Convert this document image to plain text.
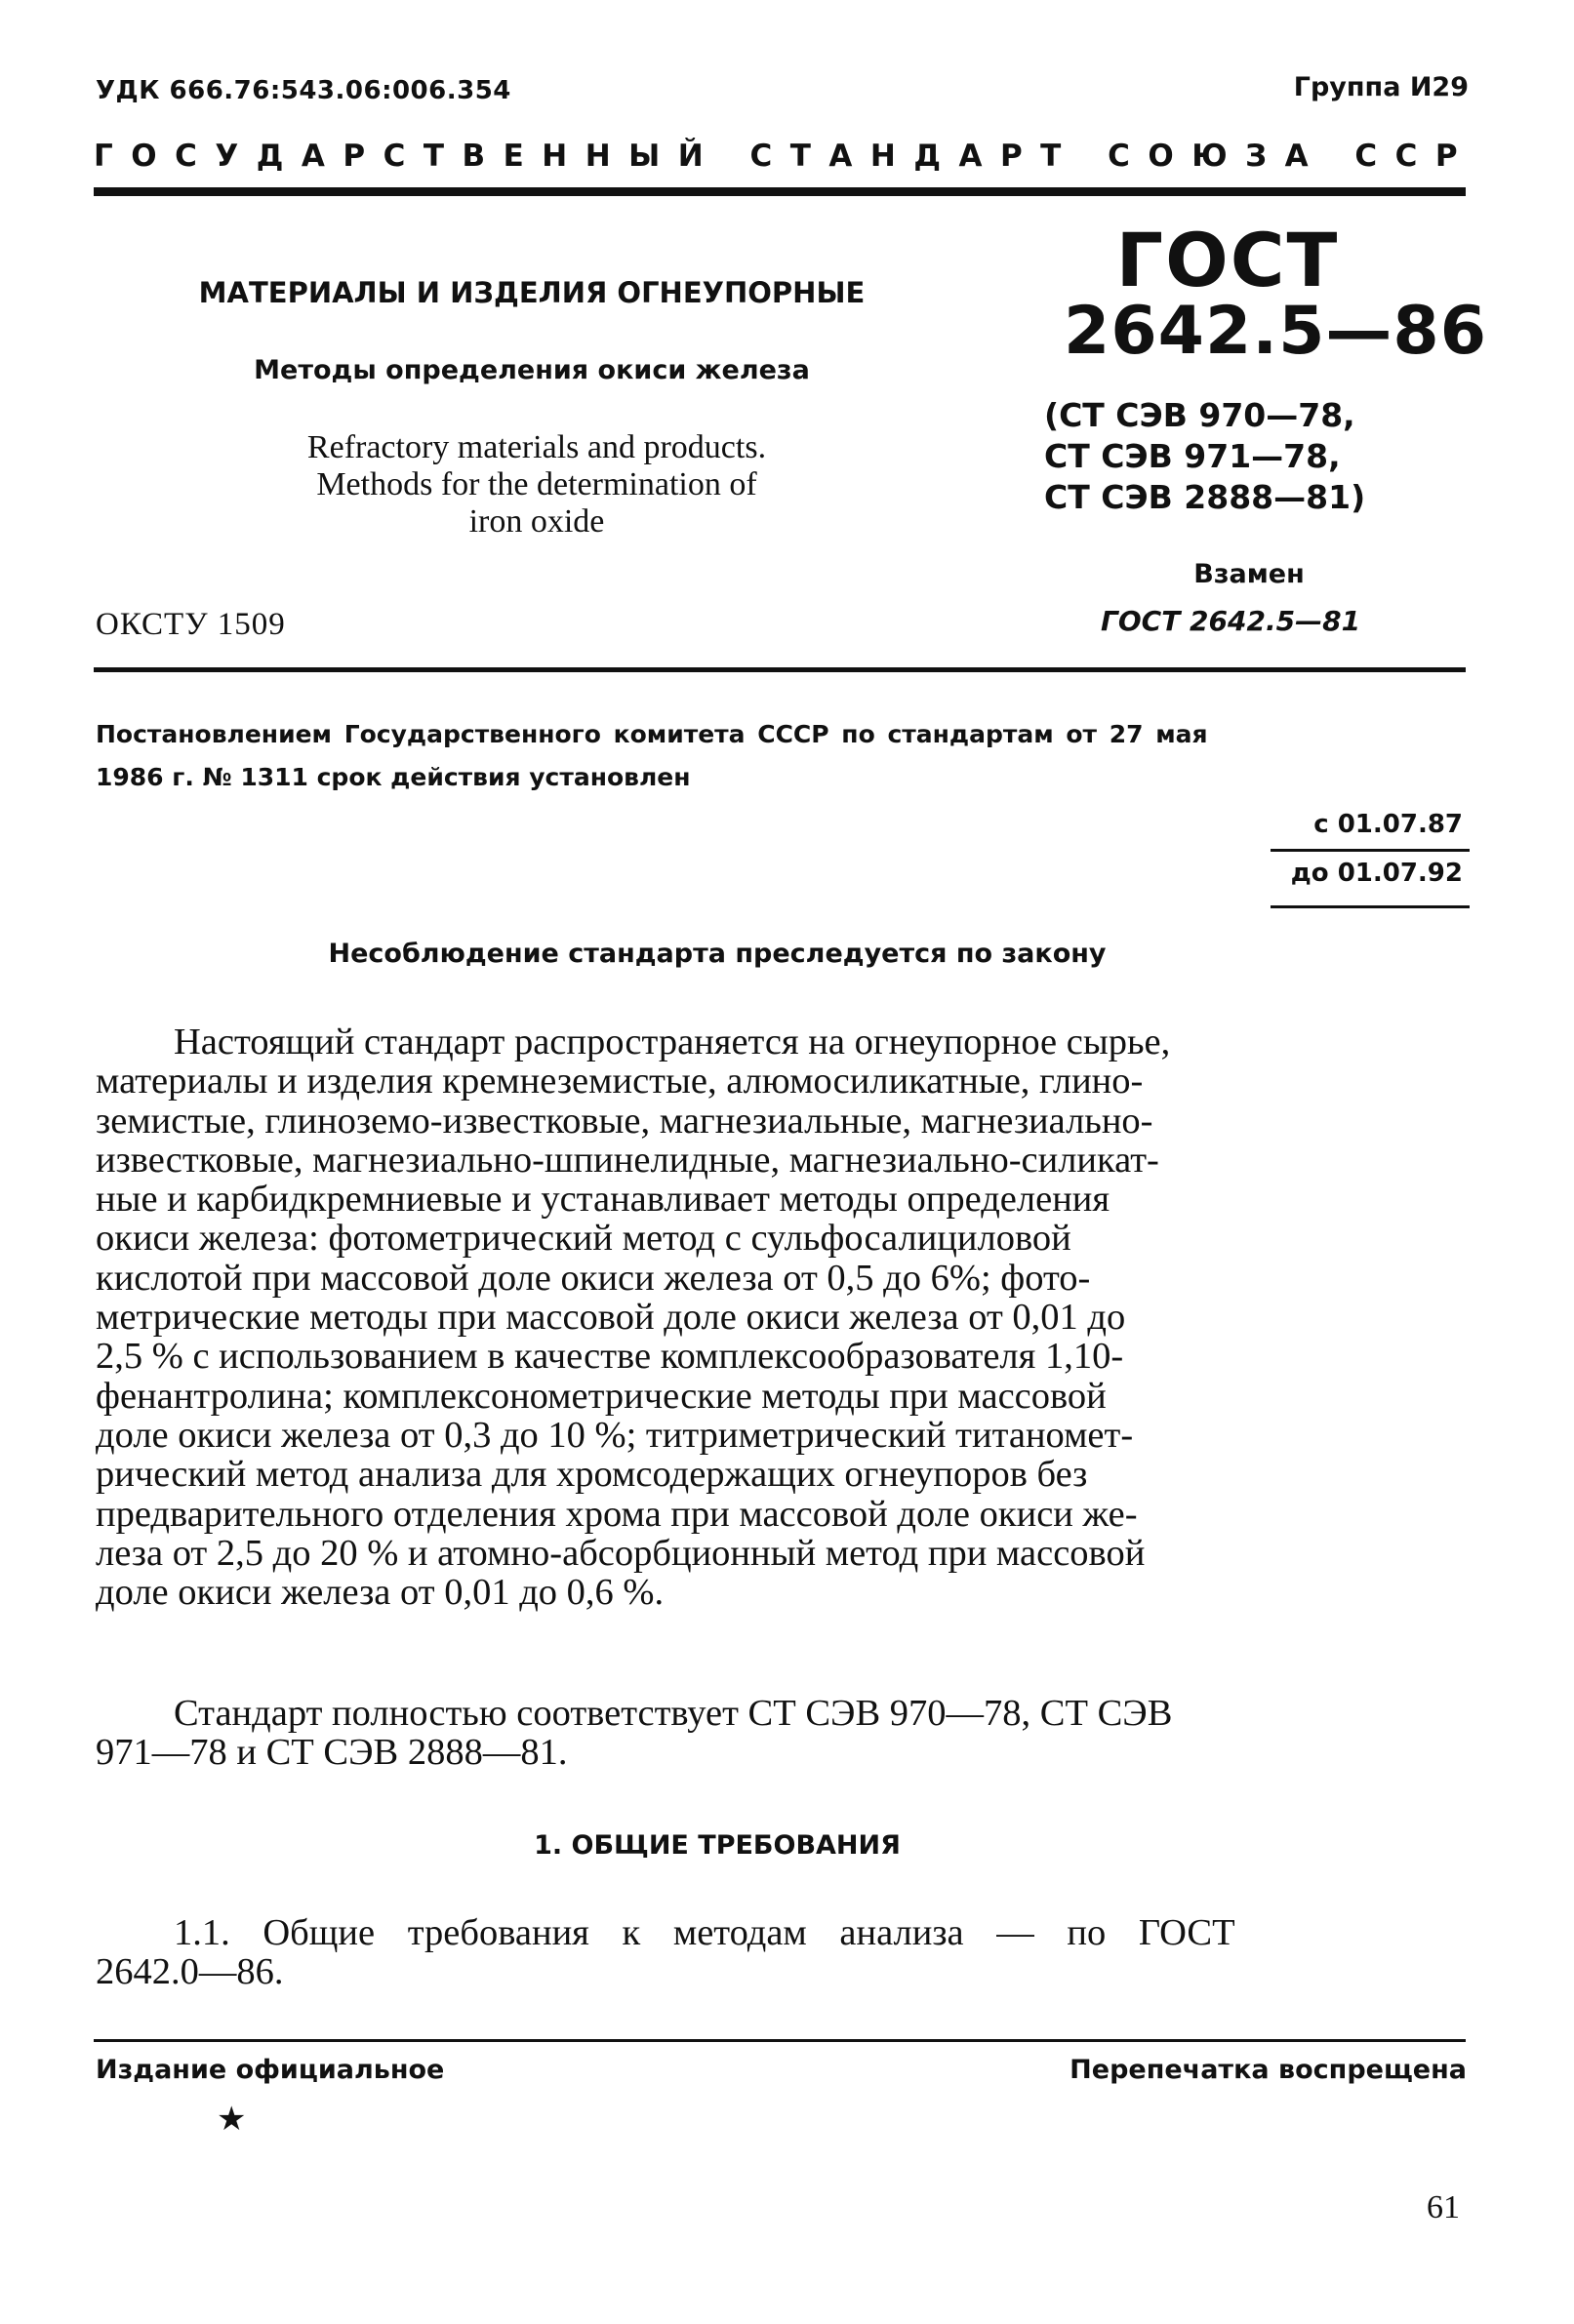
УДК 666.76:543.06:006.354	Группа И29
ГОСУДАРСТВЕННЫЙ СТАНДАРТ СОЮЗА ССР
МАТЕРИАЛЫ И ИЗДЕЛИЯ ОГНЕУПОРНЫЕ
Методы определения окиси железа
Refractory materials and products.
Methods for the determination of
iron oxide
ОКСТУ 1509
ГОСТ
2642.5—86
(СТ СЭВ 970—78,
СТ СЭВ 971—78,
СТ СЭВ 2888—81)
Взамен
ГОСТ 2642.5—81
Постановлением Государственного комитета СССР по стандартам от 27 мая
1986 г. № 1311 срок действия установлен
с 01.07.87
до 01.07.92
Несоблюдение стандарта преследуется по закону
Настоящий стандарт распространяется на огнеупорное сырье,
материалы и изделия кремнеземистые, алюмосиликатные, глино-
земистые, глиноземо-известковые, магнезиальные, магнезиально-
известковые, магнезиально-шпинелидные, магнезиально-силикат-
ные и карбидкремниевые и устанавливает методы определения
окиси железа: фотометрический метод с сульфосалициловой
кислотой при массовой доле окиси железа от 0,5 до 6%; фото-
метрические методы при массовой доле окиси железа от 0,01 до
2,5 % с использованием в качестве комплексообразователя 1,10-
фенантролина; комплексонометрические методы при массовой
доле окиси железа от 0,3 до 10 %; титриметрический титаномет-
рический метод анализа для хромсодержащих огнеупоров без
предварительного отделения хрома при массовой доле окиси же-
леза от 2,5 до 20 % и атомно-абсорбционный метод при массовой
доле окиси железа от 0,01 до 0,6 %.
Стандарт полностью соответствует СТ СЭВ 970—78, СТ СЭВ
971—78 и СТ СЭВ 2888—81.
1. ОБЩИЕ ТРЕБОВАНИЯ
1.1. Общие требования к методам анализа — по ГОСТ
2642.0—86.
Издание официальное	Перепечатка воспрещена
★
61
